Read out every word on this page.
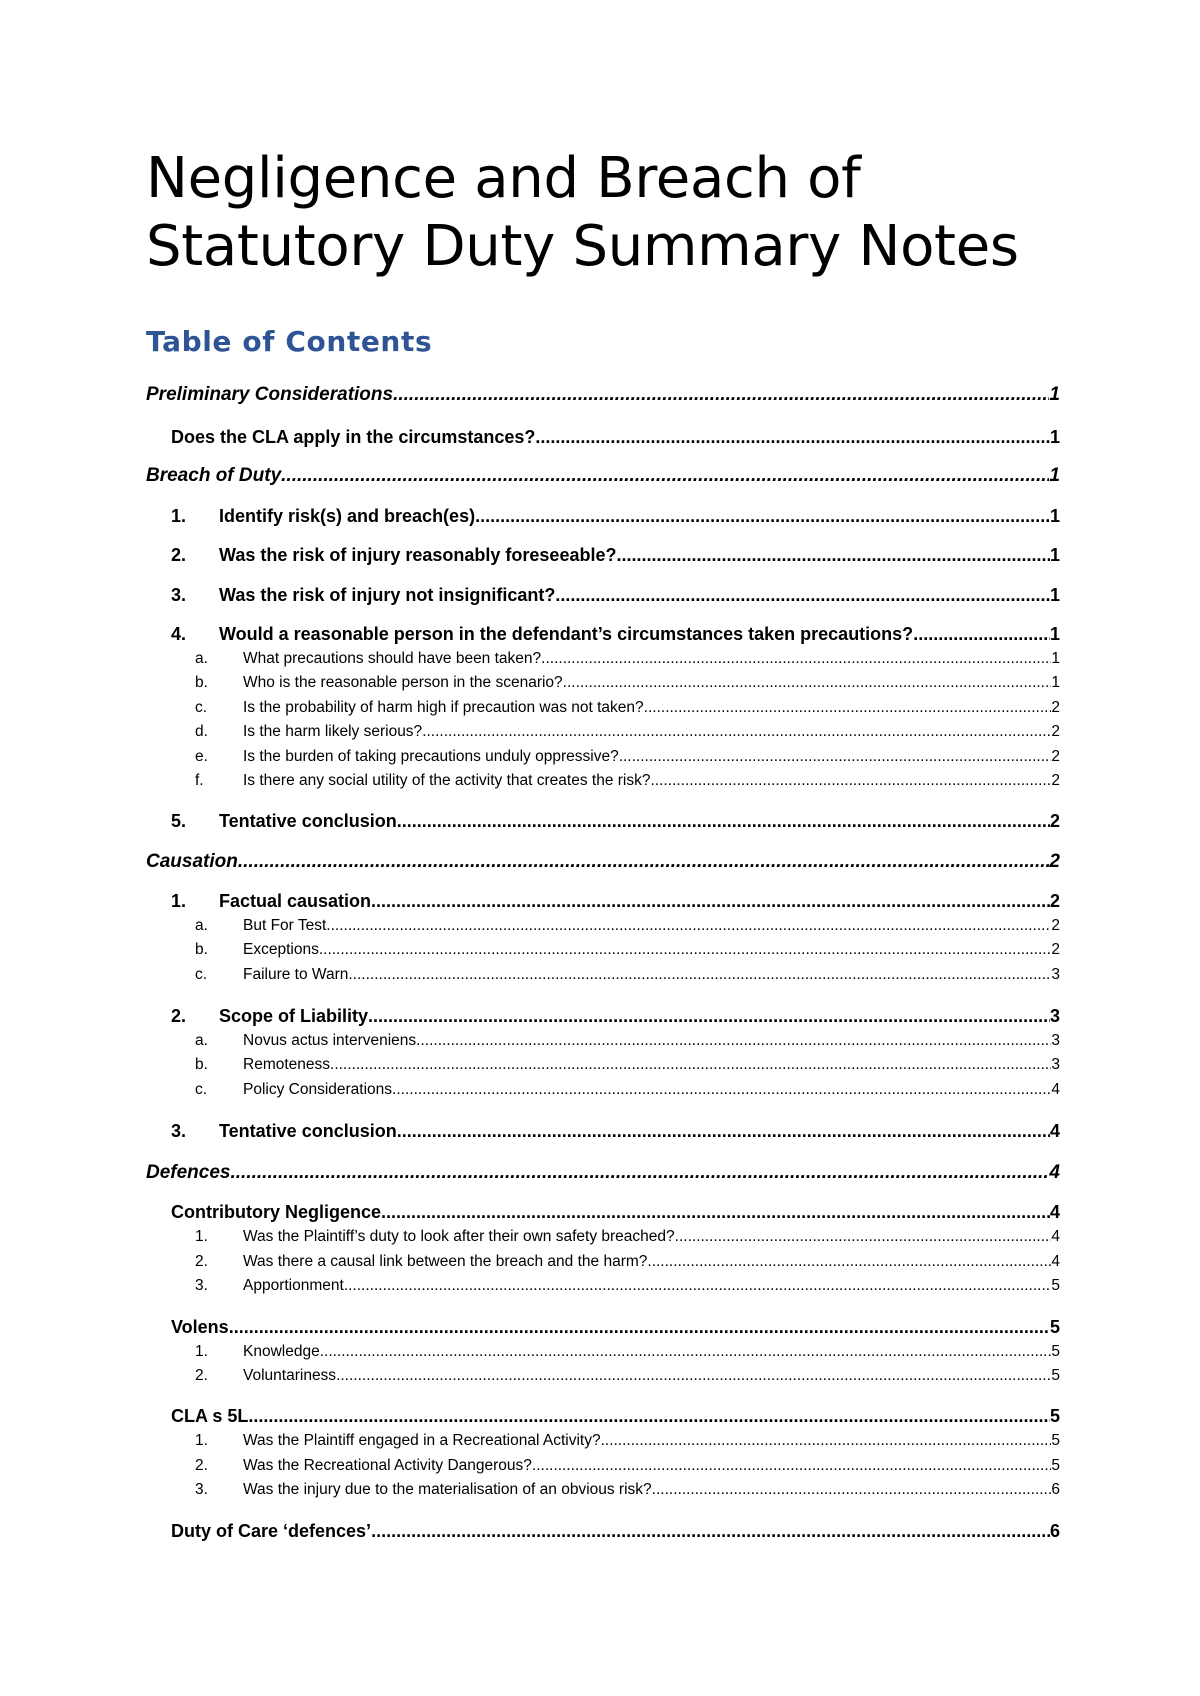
Negligence and Breach of Statutory Duty Summary Notes
Table of Contents
Preliminary Considerations .....	1
Does the CLA apply in the circumstances? .....	1
Breach of Duty .....	1
1.	Identify risk(s) and breach(es) .....	1
2.	Was the risk of injury reasonably foreseeable? .....	1
3.	Was the risk of injury not insignificant? .....	1
4.	Would a reasonable person in the defendant’s circumstances taken precautions? .....	1
a.	What precautions should have been taken? .....	1
b.	Who is the reasonable person in the scenario? .....	1
c.	Is the probability of harm high if precaution was not taken? .....	2
d.	Is the harm likely serious? .....	2
e.	Is the burden of taking precautions unduly oppressive? .....	2
f.	Is there any social utility of the activity that creates the risk? .....	2
5.	Tentative conclusion .....	2
Causation .....	2
1.	Factual causation .....	2
a.	But For Test .....	2
b.	Exceptions .....	2
c.	Failure to Warn .....	3
2.	Scope of Liability .....	3
a.	Novus actus interveniens .....	3
b.	Remoteness .....	3
c.	Policy Considerations .....	4
3.	Tentative conclusion .....	4
Defences .....	4
Contributory Negligence .....	4
1.	Was the Plaintiff’s duty to look after their own safety breached? .....	4
2.	Was there a causal link between the breach and the harm? .....	4
3.	Apportionment .....	5
Volens .....	5
1.	Knowledge .....	5
2.	Voluntariness .....	5
CLA s 5L .....	5
1.	Was the Plaintiff engaged in a Recreational Activity? .....	5
2.	Was the Recreational Activity Dangerous? .....	5
3.	Was the injury due to the materialisation of an obvious risk? .....	6
Duty of Care ‘defences’ .....	6
